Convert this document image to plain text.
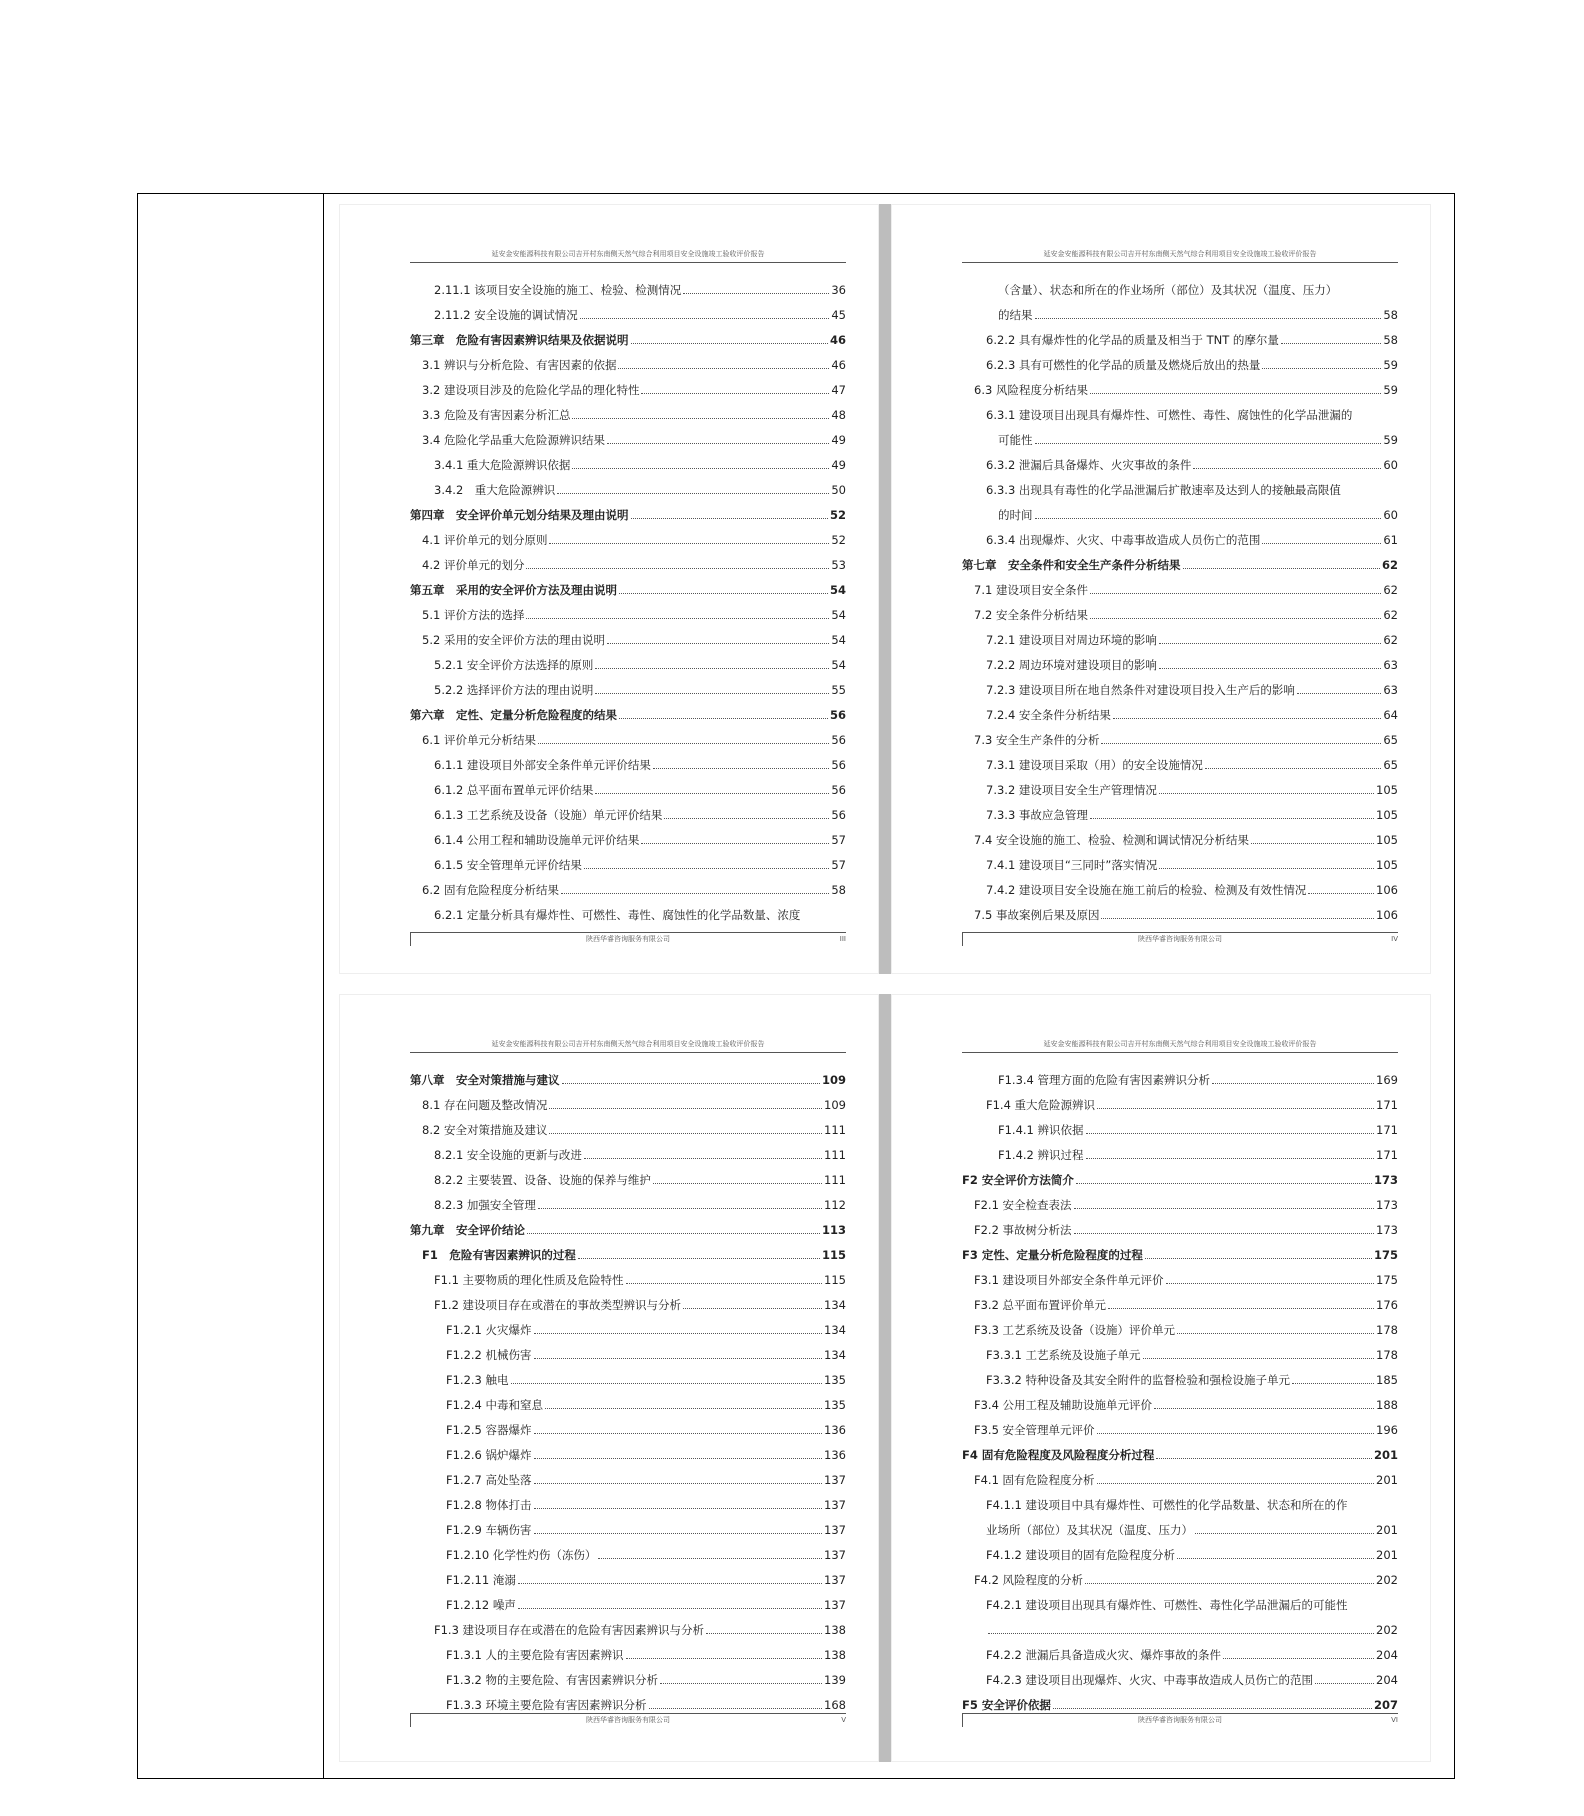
延安金安能源科技有限公司吉开村东南侧天然气综合利用项目安全设施竣工验收评价报告
2.11.1 该项目安全设施的施工、检验、检测情况	36
2.11.2 安全设施的调试情况	45
第三章　危险有害因素辨识结果及依据说明	46
3.1 辨识与分析危险、有害因素的依据	46
3.2 建设项目涉及的危险化学品的理化特性	47
3.3 危险及有害因素分析汇总	48
3.4 危险化学品重大危险源辨识结果	49
3.4.1 重大危险源辨识依据	49
3.4.2　重大危险源辨识	50
第四章　安全评价单元划分结果及理由说明	52
4.1 评价单元的划分原则	52
4.2 评价单元的划分	53
第五章　采用的安全评价方法及理由说明	54
5.1 评价方法的选择	54
5.2 采用的安全评价方法的理由说明	54
5.2.1 安全评价方法选择的原则	54
5.2.2 选择评价方法的理由说明	55
第六章　定性、定量分析危险程度的结果	56
6.1 评价单元分析结果	56
6.1.1 建设项目外部安全条件单元评价结果	56
6.1.2 总平面布置单元评价结果	56
6.1.3 工艺系统及设备（设施）单元评价结果	56
6.1.4 公用工程和辅助设施单元评价结果	57
6.1.5 安全管理单元评价结果	57
6.2 固有危险程度分析结果	58
6.2.1 定量分析具有爆炸性、可燃性、毒性、腐蚀性的化学品数量、浓度
陕西华睿咨询服务有限公司	III
延安金安能源科技有限公司吉开村东南侧天然气综合利用项目安全设施竣工验收评价报告
（含量）、状态和所在的作业场所（部位）及其状况（温度、压力）
的结果	58
6.2.2 具有爆炸性的化学品的质量及相当于 TNT 的摩尔量	58
6.2.3 具有可燃性的化学品的质量及燃烧后放出的热量	59
6.3 风险程度分析结果	59
6.3.1 建设项目出现具有爆炸性、可燃性、毒性、腐蚀性的化学品泄漏的
可能性	59
6.3.2 泄漏后具备爆炸、火灾事故的条件	60
6.3.3 出现具有毒性的化学品泄漏后扩散速率及达到人的接触最高限值
的时间	60
6.3.4 出现爆炸、火灾、中毒事故造成人员伤亡的范围	61
第七章　安全条件和安全生产条件分析结果	62
7.1 建设项目安全条件	62
7.2 安全条件分析结果	62
7.2.1 建设项目对周边环境的影响	62
7.2.2 周边环境对建设项目的影响	63
7.2.3 建设项目所在地自然条件对建设项目投入生产后的影响	63
7.2.4 安全条件分析结果	64
7.3 安全生产条件的分析	65
7.3.1 建设项目采取（用）的安全设施情况	65
7.3.2 建设项目安全生产管理情况	105
7.3.3 事故应急管理	105
7.4 安全设施的施工、检验、检测和调试情况分析结果	105
7.4.1 建设项目“三同时”落实情况	105
7.4.2 建设项目安全设施在施工前后的检验、检测及有效性情况	106
7.5 事故案例后果及原因	106
陕西华睿咨询服务有限公司	IV
延安金安能源科技有限公司吉开村东南侧天然气综合利用项目安全设施竣工验收评价报告
第八章　安全对策措施与建议	109
8.1 存在问题及整改情况	109
8.2 安全对策措施及建议	111
8.2.1 安全设施的更新与改进	111
8.2.2 主要装置、设备、设施的保养与维护	111
8.2.3 加强安全管理	112
第九章　安全评价结论	113
F1　危险有害因素辨识的过程	115
F1.1 主要物质的理化性质及危险特性	115
F1.2 建设项目存在或潜在的事故类型辨识与分析	134
F1.2.1 火灾爆炸	134
F1.2.2 机械伤害	134
F1.2.3 触电	135
F1.2.4 中毒和窒息	135
F1.2.5 容器爆炸	136
F1.2.6 锅炉爆炸	136
F1.2.7 高处坠落	137
F1.2.8 物体打击	137
F1.2.9 车辆伤害	137
F1.2.10 化学性灼伤（冻伤）	137
F1.2.11 淹溺	137
F1.2.12 噪声	137
F1.3 建设项目存在或潜在的危险有害因素辨识与分析	138
F1.3.1 人的主要危险有害因素辨识	138
F1.3.2 物的主要危险、有害因素辨识分析	139
F1.3.3 环境主要危险有害因素辨识分析	168
陕西华睿咨询服务有限公司	V
延安金安能源科技有限公司吉开村东南侧天然气综合利用项目安全设施竣工验收评价报告
F1.3.4 管理方面的危险有害因素辨识分析	169
F1.4 重大危险源辨识	171
F1.4.1 辨识依据	171
F1.4.2 辨识过程	171
F2 安全评价方法简介	173
F2.1 安全检查表法	173
F2.2 事故树分析法	173
F3 定性、定量分析危险程度的过程	175
F3.1 建设项目外部安全条件单元评价	175
F3.2 总平面布置评价单元	176
F3.3 工艺系统及设备（设施）评价单元	178
F3.3.1 工艺系统及设施子单元	178
F3.3.2 特种设备及其安全附件的监督检验和强检设施子单元	185
F3.4 公用工程及辅助设施单元评价	188
F3.5 安全管理单元评价	196
F4 固有危险程度及风险程度分析过程	201
F4.1 固有危险程度分析	201
F4.1.1 建设项目中具有爆炸性、可燃性的化学品数量、状态和所在的作
业场所（部位）及其状况（温度、压力）	201
F4.1.2 建设项目的固有危险程度分析	201
F4.2 风险程度的分析	202
F4.2.1 建设项目出现具有爆炸性、可燃性、毒性化学品泄漏后的可能性
202
F4.2.2 泄漏后具备造成火灾、爆炸事故的条件	204
F4.2.3 建设项目出现爆炸、火灾、中毒事故造成人员伤亡的范围	204
F5 安全评价依据	207
陕西华睿咨询服务有限公司	VI
